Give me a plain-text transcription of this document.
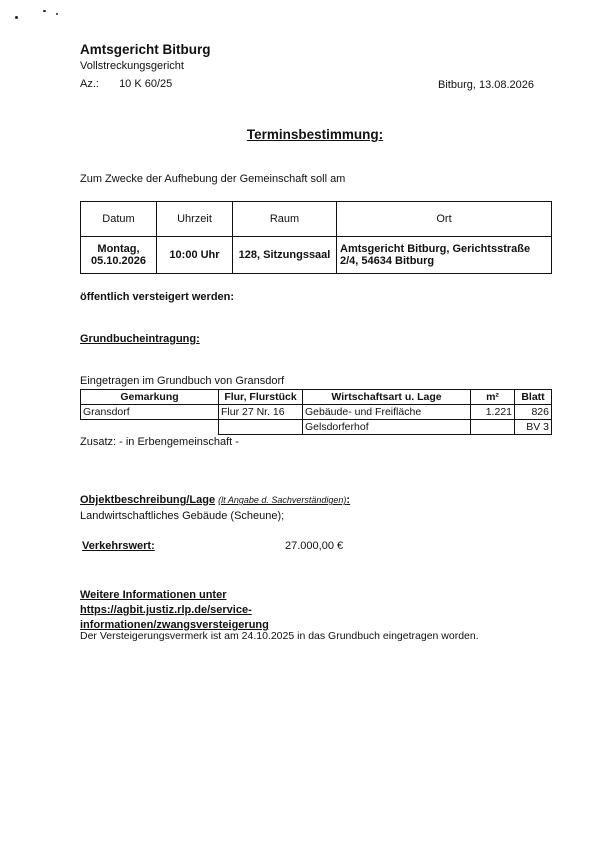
Amtsgericht Bitburg
Vollstreckungsgericht
Az.: 10 K 60/25	Bitburg, 13.08.2026
Terminsbestimmung:
Zum Zwecke der Aufhebung der Gemeinschaft soll am
Datum	Uhrzeit	Raum	Ort
Montag, 05.10.2026	10:00 Uhr	128, Sitzungssaal	Amtsgericht Bitburg, Gerichtsstraße 2/4, 54634 Bitburg
öffentlich versteigert werden:
Grundbucheintragung:
Eingetragen im Grundbuch von Gransdorf
Gemarkung	Flur, Flurstück	Wirtschaftsart u. Lage	m²	Blatt
Gransdorf	Flur 27 Nr. 16	Gebäude- und Freifläche	1.221	826
		Gelsdorferhof		BV 3
Zusatz: - in Erbengemeinschaft -
Objektbeschreibung/Lage (lt Angabe d. Sachverständigen):
Landwirtschaftliches Gebäude (Scheune);
Verkehrswert:	27.000,00 €
Weitere Informationen unter https://agbit.justiz.rlp.de/service-informationen/zwangsversteigerung
Der Versteigerungsvermerk ist am 24.10.2025 in das Grundbuch eingetragen worden.
